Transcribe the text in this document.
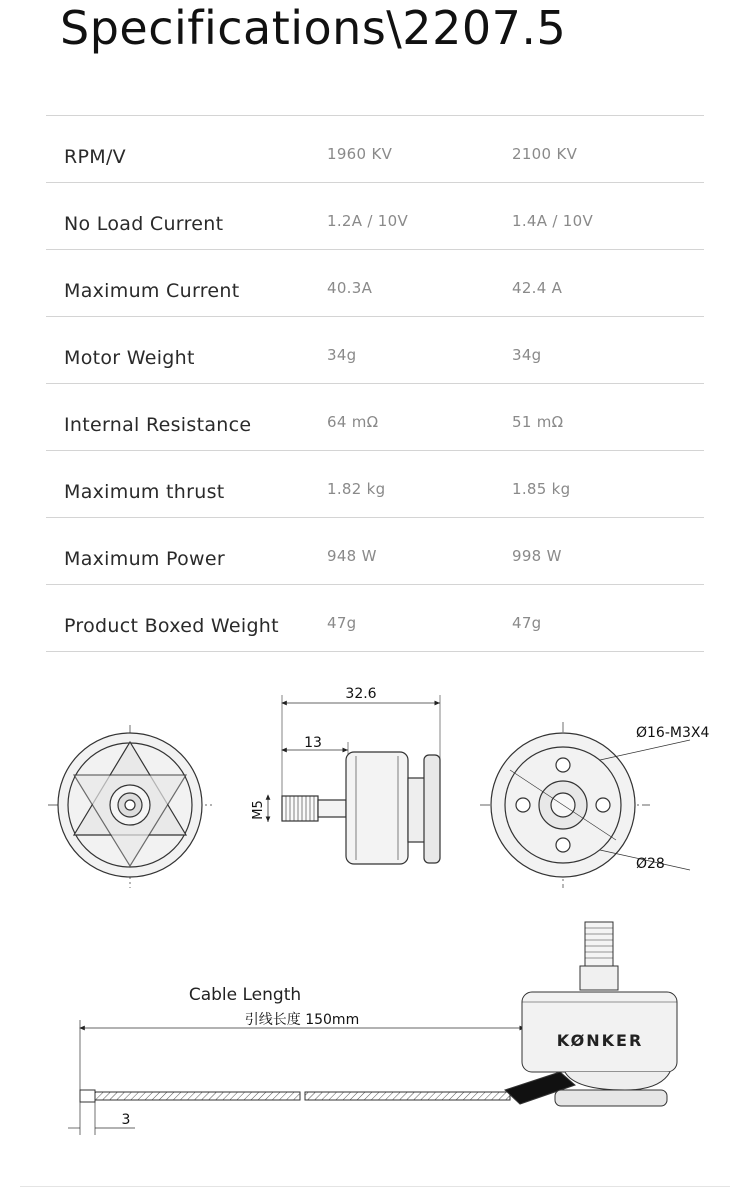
Specifications\2207.5
RPM/V	1960 KV	2100 KV
No Load Current	1.2A / 10V	1.4A / 10V
Maximum Current	40.3A	42.4 A
Motor Weight	34g	34g
Internal Resistance	64 mΩ	51 mΩ
Maximum thrust	1.82 kg	1.85 kg
Maximum Power	948 W	998 W
Product Boxed Weight	47g	47g
32.6
13
M5
Ø16-M3X4
Ø28
Cable Length
引线长度 150mm
3
KØNKER
